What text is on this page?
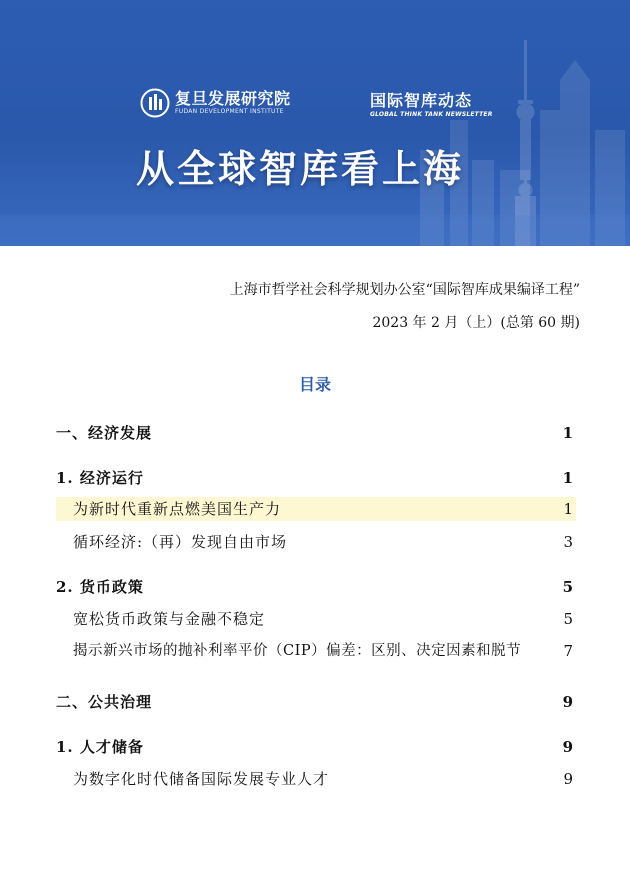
复旦发展研究院
FUDAN DEVELOPMENT INSTITUTE
国际智库动态
GLOBAL THINK TANK NEWSLETTER
从全球智库看上海
上海市哲学社会科学规划办公室“国际智库成果编译工程”
2023 年 2 月（上）(总第 60 期)
目录
一、经济发展	1
1. 经济运行	1
为新时代重新点燃美国生产力	1
循环经济:（再）发现自由市场	3
2. 货币政策	5
宽松货币政策与金融不稳定	5
揭示新兴市场的抛补利率平价（CIP）偏差：区别、决定因素和脱节	7
二、公共治理	9
1. 人才储备	9
为数字化时代储备国际发展专业人才	9
